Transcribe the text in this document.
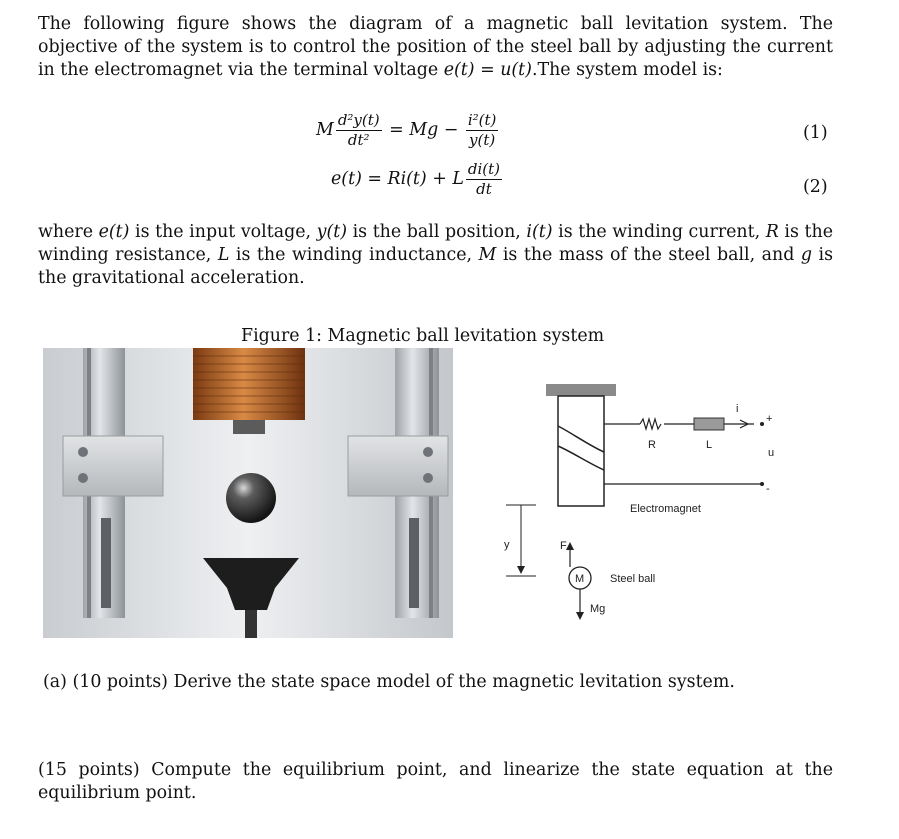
The following figure shows the diagram of a magnetic ball levitation system. The objective of the system is to control the position of the steel ball by adjusting the current in the electromagnet via the terminal voltage e(t) = u(t).The system model is:
M $\frac{\text{d²y(t)}}{\text{dt²}} = Mg - \frac{\text{i²(t)}}{y(t)}$	(1)
e(t) = Ri(t) + L $\frac{di(t)}{dt}$	(2)
where e(t) is the input voltage, y(t) is the ball position, i(t) is the winding current, R is the winding resistance, L is the winding inductance, M is the mass of the steel ball, and g is the gravitational acceleration.
Figure 1: Magnetic ball levitation system
R	L
i
+
u
-
Electromagnet
y	F
M
Mg
Steel ball
(a) (10 points) Derive the state space model of the magnetic levitation system.
(15 points) Compute the equilibrium point, and linearize the state equation at the equilibrium point.
